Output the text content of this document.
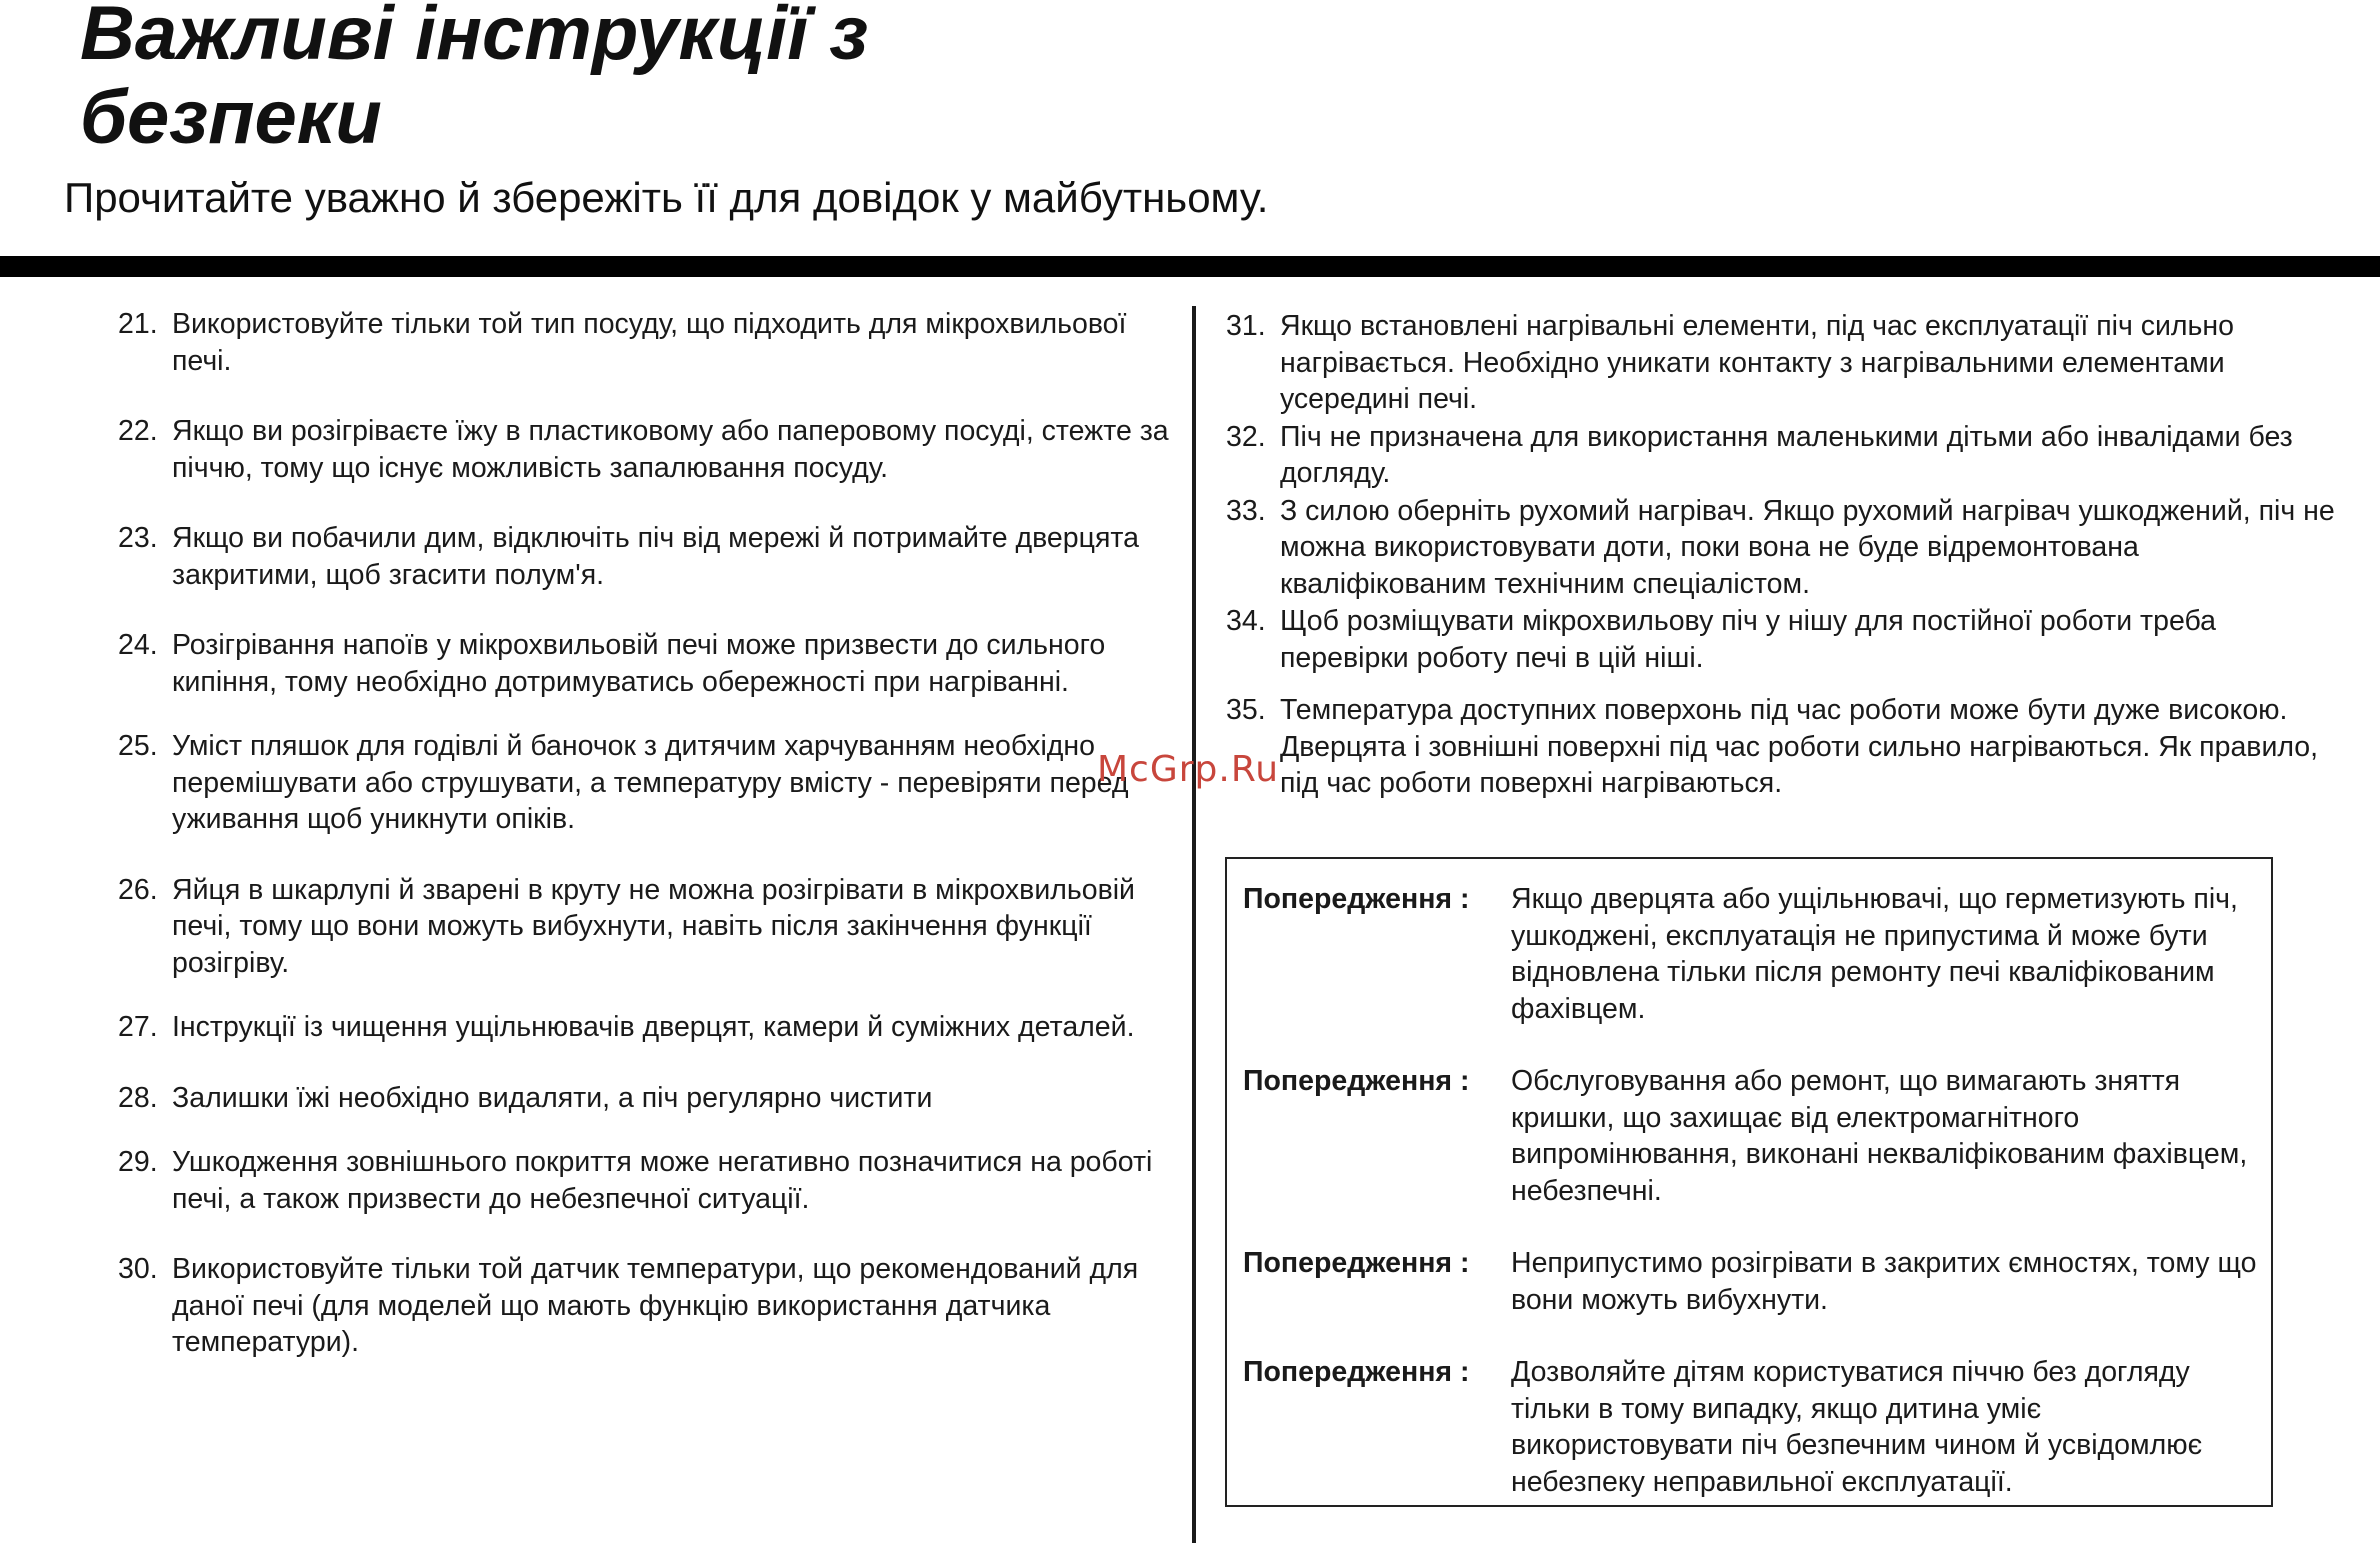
Важливі інструкції з
безпеки

Прочитайте уважно й збережіть її для довідок у майбутньому.

21. Використовуйте тільки той тип посуду, що підходить для мікрохвильової печі.
22. Якщо ви розігріваєте їжу в пластиковому або паперовому посуді, стежте за піччю, тому що існує можливість запалювання посуду.
23. Якщо ви побачили дим, відключіть піч від мережі й потримайте дверцята закритими, щоб згасити полум'я.
24. Розігрівання напоїв у мікрохвильовій печі може призвести до сильного кипіння, тому необхідно дотримуватись обережності при нагріванні.
25. Уміст пляшок для годівлі й баночок з дитячим харчуванням необхідно перемішувати або струшувати, а температуру вмісту - перевіряти перед уживання щоб уникнути опіків.
26. Яйця в шкарлупі й зварені в круту не можна розігрівати в мікрохвильовій печі, тому що вони можуть вибухнути, навіть після закінчення функції розігріву.
27. Інструкції із чищення ущільнювачів дверцят, камери й суміжних деталей.
28. Залишки їжі необхідно видаляти, а піч регулярно чистити
29. Ушкодження зовнішнього покриття може негативно позначитися на роботі печі, а також призвести до небезпечної ситуації.
30. Використовуйте тільки той датчик температури, що рекомендований для даної печі (для моделей що мають функцію використання датчика температури).
31. Якщо встановлені нагрівальні елементи, під час експлуатації піч сильно нагрівається. Необхідно уникати контакту з нагрівальними елементами усередині печі.
32. Піч не призначена для використання маленькими дітьми або інвалідами без догляду.
33. З силою оберніть рухомий нагрівач. Якщо рухомий нагрівач ушкоджений, піч не можна використовувати доти, поки вона не буде відремонтована кваліфікованим технічним спеціалістом.
34. Щоб розміщувати мікрохвильову піч у нішу для постійної роботи треба перевірки роботу печі в цій ніші.
35. Температура доступних поверхонь під час роботи може бути дуже високою. Дверцята і зовнішні поверхні під час роботи сильно нагріваються. Як правило, під час роботи поверхні нагріваються.
Попередження :	Якщо дверцята або ущільнювачі, що герметизують піч, ушкоджені, експлуатація не припустима й може бути відновлена тільки після ремонту печі кваліфікованим фахівцем.
Попередження :	Обслуговування або ремонт, що вимагають зняття кришки, що захищає від електромагнітного випромінювання, виконані некваліфікованим фахівцем, небезпечні.
Попередження :	Неприпустимо розігрівати в закритих ємностях, тому що вони можуть вибухнути.
Попередження :	Дозволяйте дітям користуватися піччю без догляду тільки в тому випадку, якщо дитина уміє використовувати піч безпечним чином й усвідомлює небезпеку неправильної експлуатації.
McGrp.Ru
